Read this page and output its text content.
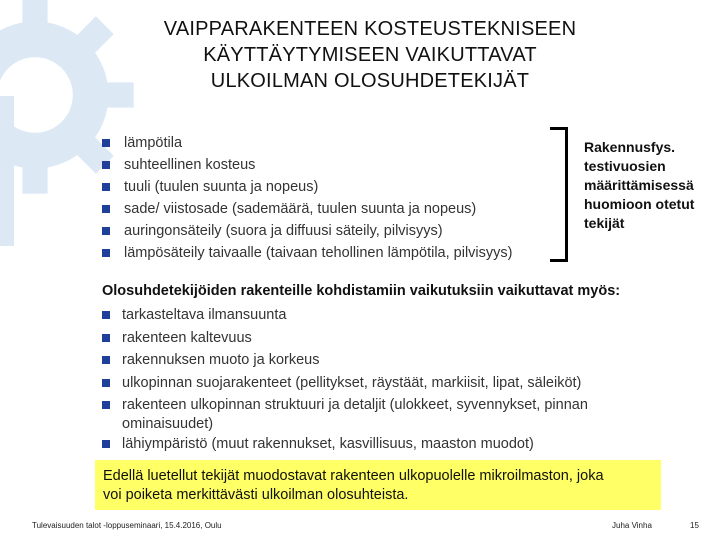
VAIPPARAKENTEEN KOSTEUSTEKNISEEN
KÄYTTÄYTYMISEEN VAIKUTTAVAT
ULKOILMAN OLOSUHDETEKIJÄT
lämpötila
suhteellinen kosteus
tuuli (tuulen suunta ja nopeus)
sade/ viistosade (sademäärä, tuulen suunta ja nopeus)
auringonsäteily (suora ja diffuusi säteily, pilvisyys)
lämpösäteily taivaalle (taivaan tehollinen lämpötila, pilvisyys)
Rakennusfys.
testivuosien
määrittämisessä
huomioon otetut
tekijät
Olosuhdetekijöiden rakenteille kohdistamiin vaikutuksiin vaikuttavat myös:
tarkasteltava ilmansuunta
rakenteen kaltevuus
rakennuksen muoto ja korkeus
ulkopinnan suojarakenteet (pellitykset, räystäät, markiisit, lipat, säleiköt)
rakenteen ulkopinnan struktuuri ja detaljit (ulokkeet, syvennykset, pinnan
ominaisuudet)
lähiympäristö (muut rakennukset, kasvillisuus, maaston muodot)
Edellä luetellut tekijät muodostavat rakenteen ulkopuolelle mikroilmaston, joka
voi poiketa merkittävästi ulkoilman olosuhteista.
Tulevaisuuden talot -loppuseminaari, 15.4.2016, Oulu	Juha Vinha	15
